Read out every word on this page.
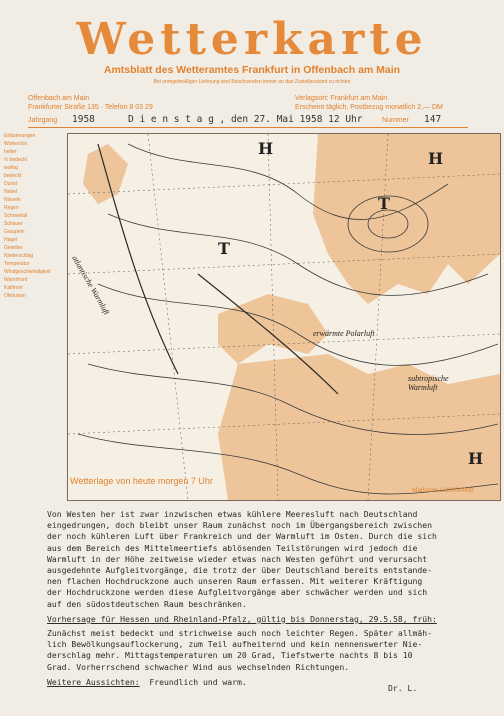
Wetterkarte
Amtsblatt des Wetteramtes Frankfurt in Offenbach am Main
Bei unregelmäßiger Lieferung sind Beschwerden immer an das Zustellpostamt zu richten
Offenbach am Main
Frankfurter Straße 135 · Telefon 8 03 29
Verlagsort: Frankfurt am Main
Erscheint täglich, Postbezug monatlich 2,— DM
Jahrgang 1958	D i e n s t a g , den 27. Mai 1958 12 Uhr	Nummer 147
Erläuterungen
Wolkenlos
heiter
½ bedeckt
wolkig
bedeckt
Dunst
Nebel
Nieseln
Regen
Schneefall
Schauer
Graupeln
Hagel
Gewitter
Niederschlag
Temperatur
Windgeschwindigkeit
Warmfront
Kaltfront
Okklusion
H
H
T
T
H
atlantische Warmluft
erwärmte Polarluft
subtropische Warmluft
Wetterlage von heute morgen 7 Uhr
Maßstab 1:30000000
Von Westen her ist zwar inzwischen etwas kühlere Meeresluft nach Deutschland
eingedrungen, doch bleibt unser Raum zunächst noch im Übergangsbereich zwischen
der noch kühleren Luft über Frankreich und der Warmluft im Osten. Durch die sich
aus dem Bereich des Mittelmeertiefs ablösenden Teilstörungen wird jedoch die
Warmluft in der Höhe zeitweise wieder etwas nach Westen geführt und verursacht
ausgedehnte Aufgleitvorgänge, die trotz der über Deutschland bereits entstande-
nen flachen Hochdruckzone auch unseren Raum erfassen. Mit weiterer Kräftigung
der Hochdruckzone werden diese Aufgleitvorgänge aber schwächer werden und sich
auf den südostdeutschen Raum beschränken.
Vorhersage für Hessen und Rheinland-Pfalz, gültig bis Donnerstag, 29.5.58, früh:
Zunächst meist bedeckt und strichweise auch noch leichter Regen. Später allmäh-
lich Bewölkungsauflockerung, zum Teil aufheiternd und kein nennenswerter Nie-
derschlag mehr. Mittagstemperaturen um 20 Grad, Tiefstwerte nachts 8 bis 10
Grad. Vorherrschend schwacher Wind aus wechselnden Richtungen.
Weitere Aussichten: Freundlich und warm.
Dr. L.
